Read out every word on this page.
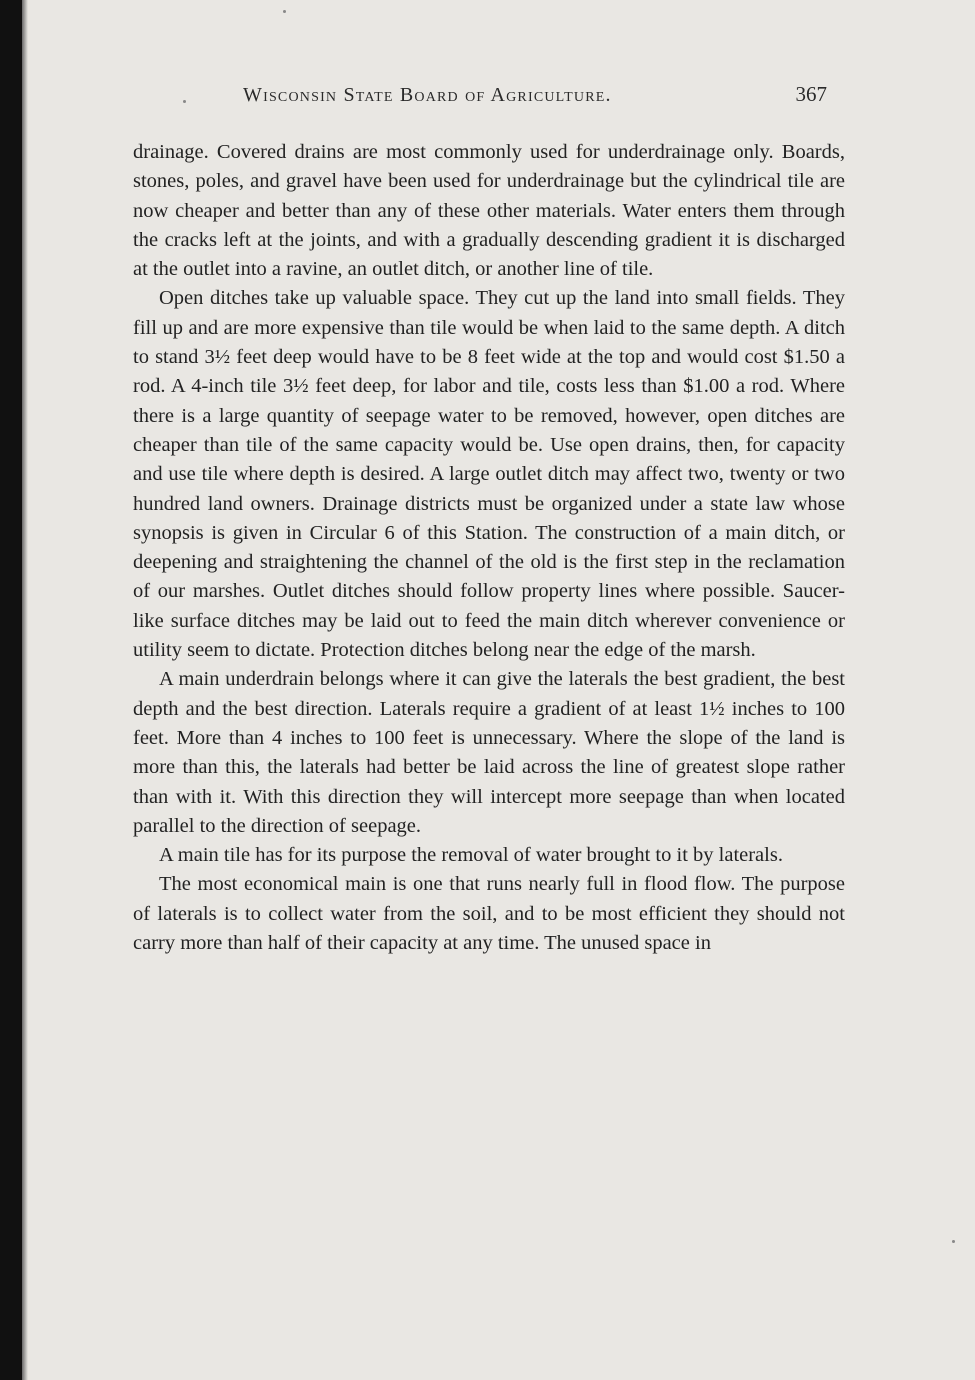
Wisconsin State Board of Agriculture.	367

drainage. Covered drains are most commonly used for underdrainage only. Boards, stones, poles, and gravel have been used for underdrainage but the cylindrical tile are now cheaper and better than any of these other materials. Water enters them through the cracks left at the joints, and with a gradually descending gradient it is discharged at the outlet into a ravine, an outlet ditch, or another line of tile.

Open ditches take up valuable space. They cut up the land into small fields. They fill up and are more expensive than tile would be when laid to the same depth. A ditch to stand 3½ feet deep would have to be 8 feet wide at the top and would cost $1.50 a rod. A 4-inch tile 3½ feet deep, for labor and tile, costs less than $1.00 a rod. Where there is a large quantity of seepage water to be removed, however, open ditches are cheaper than tile of the same capacity would be. Use open drains, then, for capacity and use tile where depth is desired. A large outlet ditch may affect two, twenty or two hundred land owners. Drainage districts must be organized under a state law whose synopsis is given in Circular 6 of this Station. The construction of a main ditch, or deepening and straightening the channel of the old is the first step in the reclamation of our marshes. Outlet ditches should follow property lines where possible. Saucer-like surface ditches may be laid out to feed the main ditch wherever convenience or utility seem to dictate. Protection ditches belong near the edge of the marsh.

A main underdrain belongs where it can give the laterals the best gradient, the best depth and the best direction. Laterals require a gradient of at least 1½ inches to 100 feet. More than 4 inches to 100 feet is unnecessary. Where the slope of the land is more than this, the laterals had better be laid across the line of greatest slope rather than with it. With this direction they will intercept more seepage than when located parallel to the direction of seepage.

A main tile has for its purpose the removal of water brought to it by laterals.

The most economical main is one that runs nearly full in flood flow. The purpose of laterals is to collect water from the soil, and to be most efficient they should not carry more than half of their capacity at any time. The unused space in
